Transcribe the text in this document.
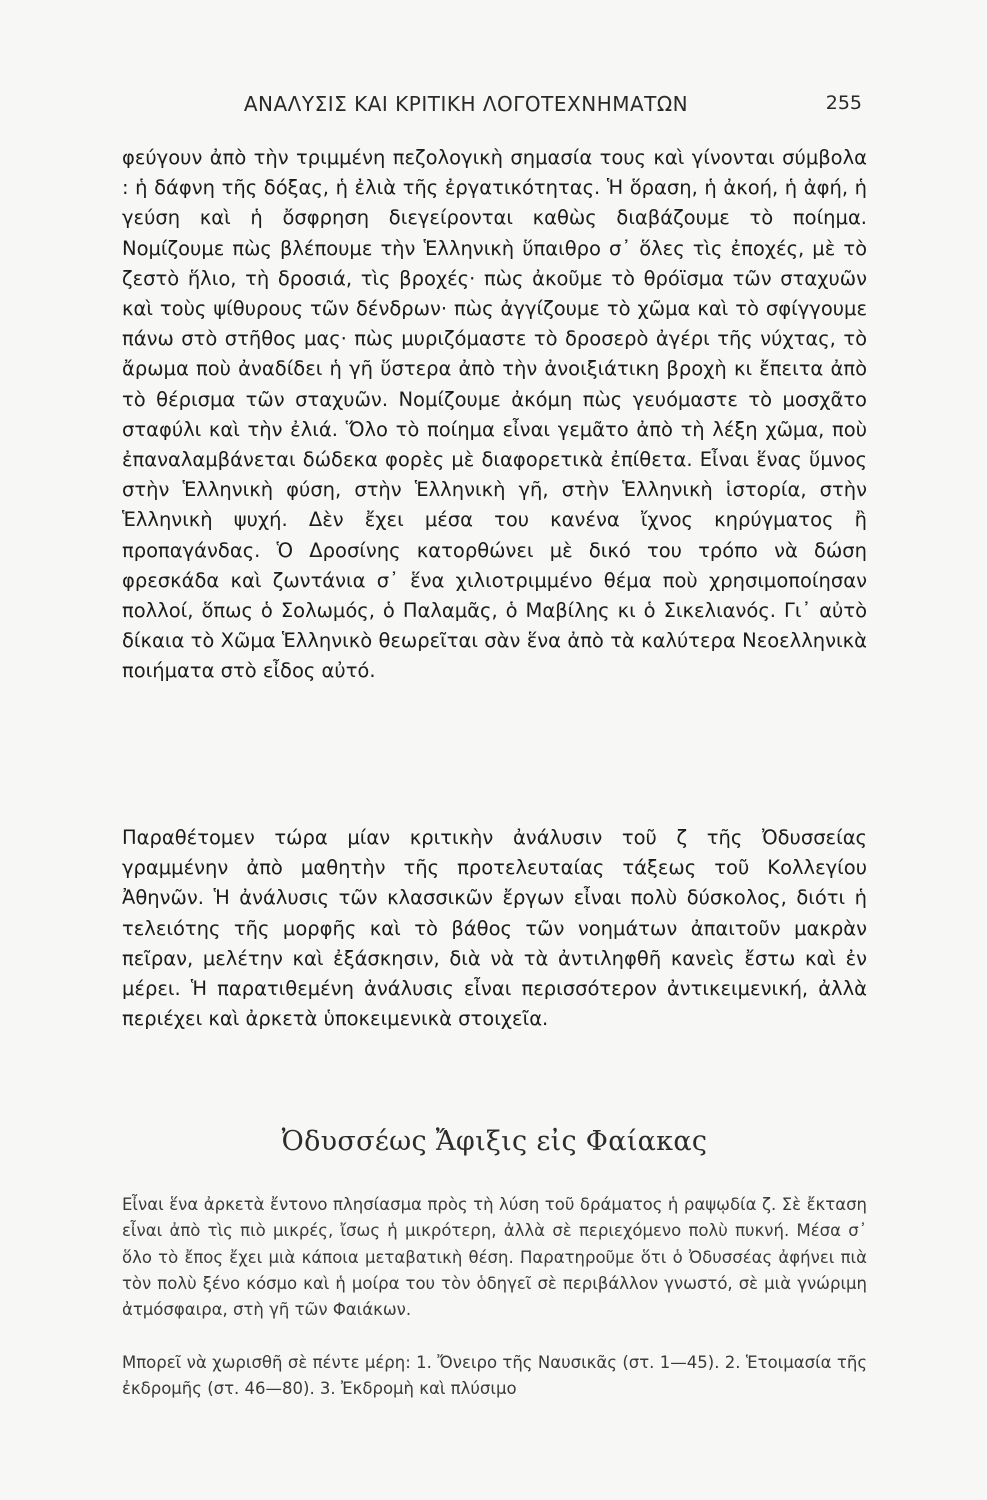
ΑΝΑΛΥΣΙΣ ΚΑΙ ΚΡΙΤΙΚΗ ΛΟΓΟΤΕΧΝΗΜΑΤΩΝ	255

φεύγουν ἀπὸ τὴν τριμμένη πεζολογικὴ σημασία τους καὶ γίνονται σύμβολα : ἡ δάφνη τῆς δόξας, ἡ ἐλιὰ τῆς ἐργατικότητας. Ἡ ὅραση, ἡ ἀκοή, ἡ ἀφή, ἡ γεύση καὶ ἡ ὄσφρηση διεγείρονται καθὼς διαβάζουμε τὸ ποίημα. Νομίζουμε πὼς βλέπουμε τὴν Ἑλληνικὴ ὕπαιθρο σ᾽ ὅλες τὶς ἐποχές, μὲ τὸ ζεστὸ ἥλιο, τὴ δροσιά, τὶς βροχές· πὼς ἀκοῦμε τὸ θρόϊσμα τῶν σταχυῶν καὶ τοὺς ψίθυρους τῶν δένδρων· πὼς ἀγγίζουμε τὸ χῶμα καὶ τὸ σφίγγουμε πάνω στὸ στῆθος μας· πὼς μυριζόμαστε τὸ δροσερὸ ἀγέρι τῆς νύχτας, τὸ ἄρωμα ποὺ ἀναδίδει ἡ γῆ ὕστερα ἀπὸ τὴν ἀνοιξιάτικη βροχὴ κι ἔπειτα ἀπὸ τὸ θέρισμα τῶν σταχυῶν. Νομίζουμε ἀκόμη πὼς γευόμαστε τὸ μοσχᾶτο σταφύλι καὶ τὴν ἐλιά. Ὅλο τὸ ποίημα εἶναι γεμᾶτο ἀπὸ τὴ λέξη χῶμα, ποὺ ἐπαναλαμβάνεται δώδεκα φορὲς μὲ διαφορετικὰ ἐπίθετα. Εἶναι ἕνας ὕμνος στὴν Ἑλληνικὴ φύση, στὴν Ἑλληνικὴ γῆ, στὴν Ἑλληνικὴ ἱστορία, στὴν Ἑλληνικὴ ψυχή. Δὲν ἔχει μέσα του κανένα ἴχνος κηρύγματος ἢ προπαγάνδας. Ὁ Δροσίνης κατορθώνει μὲ δικό του τρόπο νὰ δώση φρεσκάδα καὶ ζωντάνια σ᾽ ἕνα χιλιοτριμμένο θέμα ποὺ χρησιμοποίησαν πολλοί, ὅπως ὁ Σολωμός, ὁ Παλαμᾶς, ὁ Μαβίλης κι ὁ Σικελιανός. Γι᾽ αὐτὸ δίκαια τὸ Χῶμα Ἑλληνικὸ θεωρεῖται σὰν ἕνα ἀπὸ τὰ καλύτερα Νεοελληνικὰ ποιήματα στὸ εἶδος αὐτό.

Παραθέτομεν τώρα μίαν κριτικὴν ἀνάλυσιν τοῦ ζ τῆς Ὀδυσσείας γραμμένην ἀπὸ μαθητὴν τῆς προτελευταίας τάξεως τοῦ Κολλεγίου Ἀθηνῶν. Ἡ ἀνάλυσις τῶν κλασσικῶν ἔργων εἶναι πολὺ δύσκολος, διότι ἡ τελειότης τῆς μορφῆς καὶ τὸ βάθος τῶν νοημάτων ἀπαιτοῦν μακρὰν πεῖραν, μελέτην καὶ ἐξάσκησιν, διὰ νὰ τὰ ἀντιληφθῆ κανεὶς ἔστω καὶ ἐν μέρει. Ἡ παρατιθεμένη ἀνάλυσις εἶναι περισσότερον ἀντικειμενική, ἀλλὰ περιέχει καὶ ἀρκετὰ ὑποκειμενικὰ στοιχεῖα.

Ὀδυσσέως Ἄφιξις εἰς Φαίακας

Εἶναι ἕνα ἀρκετὰ ἔντονο πλησίασμα πρὸς τὴ λύση τοῦ δράματος ἡ ραψῳδία ζ. Σὲ ἔκταση εἶναι ἀπὸ τὶς πιὸ μικρές, ἴσως ἡ μικρότερη, ἀλλὰ σὲ περιεχόμενο πολὺ πυκνή. Μέσα σ᾽ ὅλο τὸ ἔπος ἔχει μιὰ κάποια μεταβατικὴ θέση. Παρατηροῦμε ὅτι ὁ Ὀδυσσέας ἀφήνει πιὰ τὸν πολὺ ξένο κόσμο καὶ ἡ μοίρα του τὸν ὁδηγεῖ σὲ περιβάλλον γνωστό, σὲ μιὰ γνώριμη ἀτμόσφαιρα, στὴ γῆ τῶν Φαιάκων.

Μπορεῖ νὰ χωρισθῆ σὲ πέντε μέρη: 1. Ὄνειρο τῆς Ναυσικᾶς (στ. 1—45). 2. Ἑτοιμασία τῆς ἐκδρομῆς (στ. 46—80). 3. Ἐκδρομὴ καὶ πλύσιμο
